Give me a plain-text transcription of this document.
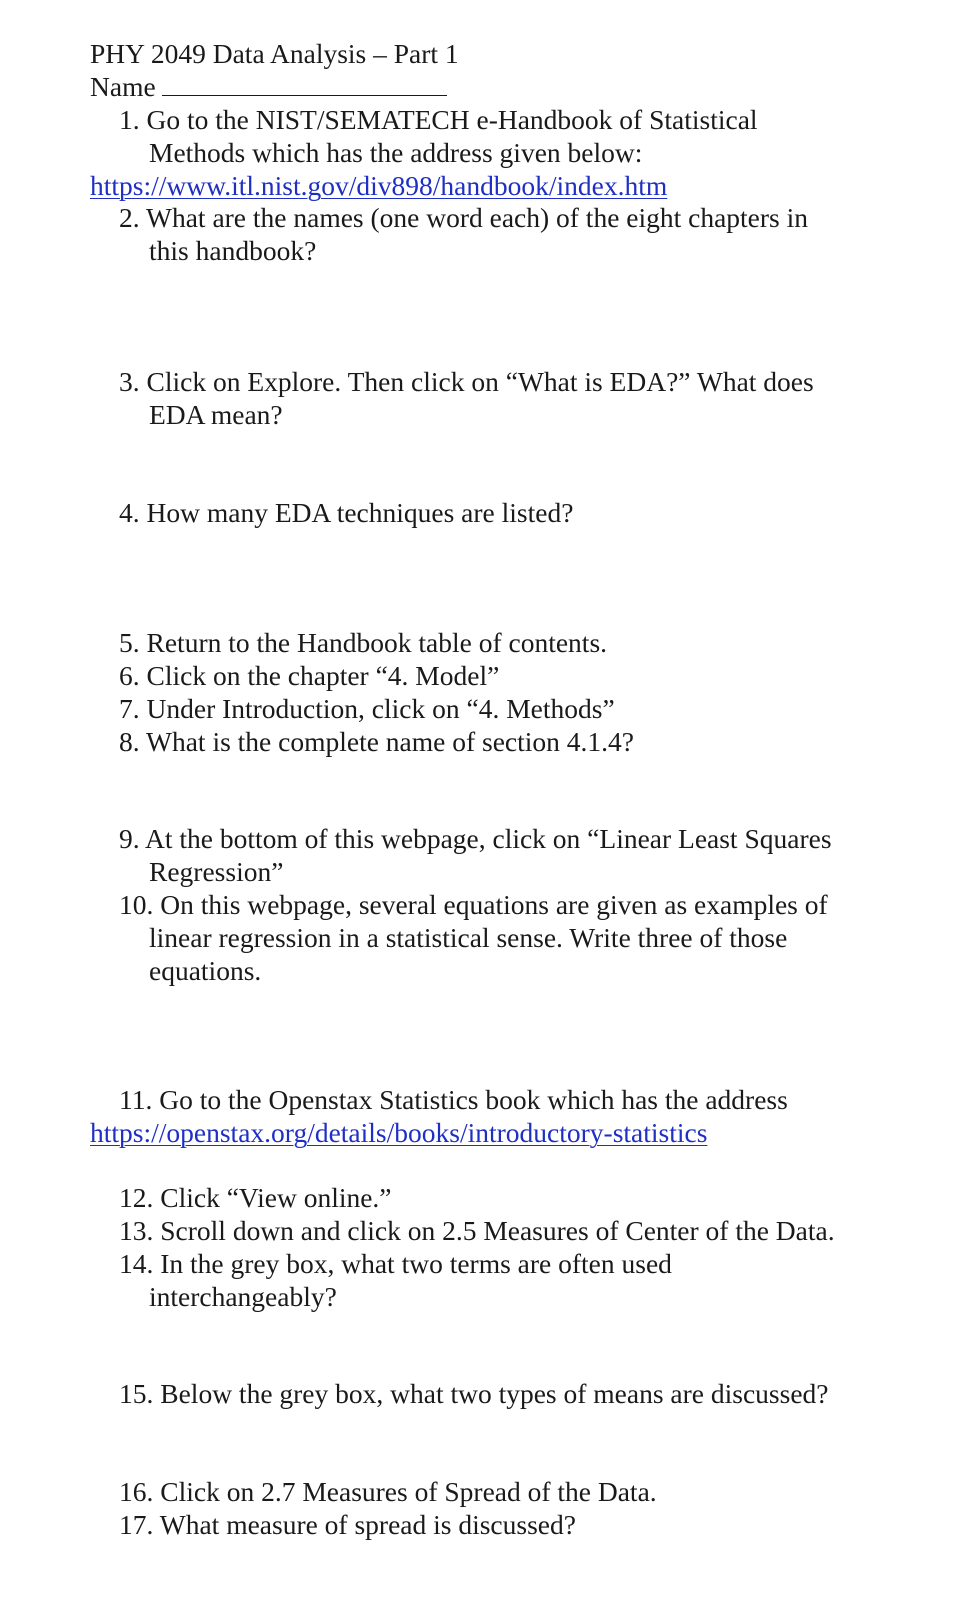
PHY 2049 Data Analysis – Part 1
Name
1. Go to the NIST/SEMATECH e-Handbook of Statistical
Methods which has the address given below:
https://www.itl.nist.gov/div898/handbook/index.htm
2. What are the names (one word each) of the eight chapters in
this handbook?
3. Click on Explore. Then click on “What is EDA?” What does
EDA mean?
4. How many EDA techniques are listed?
5. Return to the Handbook table of contents.
6. Click on the chapter “4. Model”
7. Under Introduction, click on “4. Methods”
8. What is the complete name of section 4.1.4?
9. At the bottom of this webpage, click on “Linear Least Squares
Regression”
10. On this webpage, several equations are given as examples of
linear regression in a statistical sense. Write three of those
equations.
11. Go to the Openstax Statistics book which has the address
https://openstax.org/details/books/introductory-statistics
12. Click “View online.”
13. Scroll down and click on 2.5 Measures of Center of the Data.
14. In the grey box, what two terms are often used
interchangeably?
15. Below the grey box, what two types of means are discussed?
16. Click on 2.7 Measures of Spread of the Data.
17. What measure of spread is discussed?
